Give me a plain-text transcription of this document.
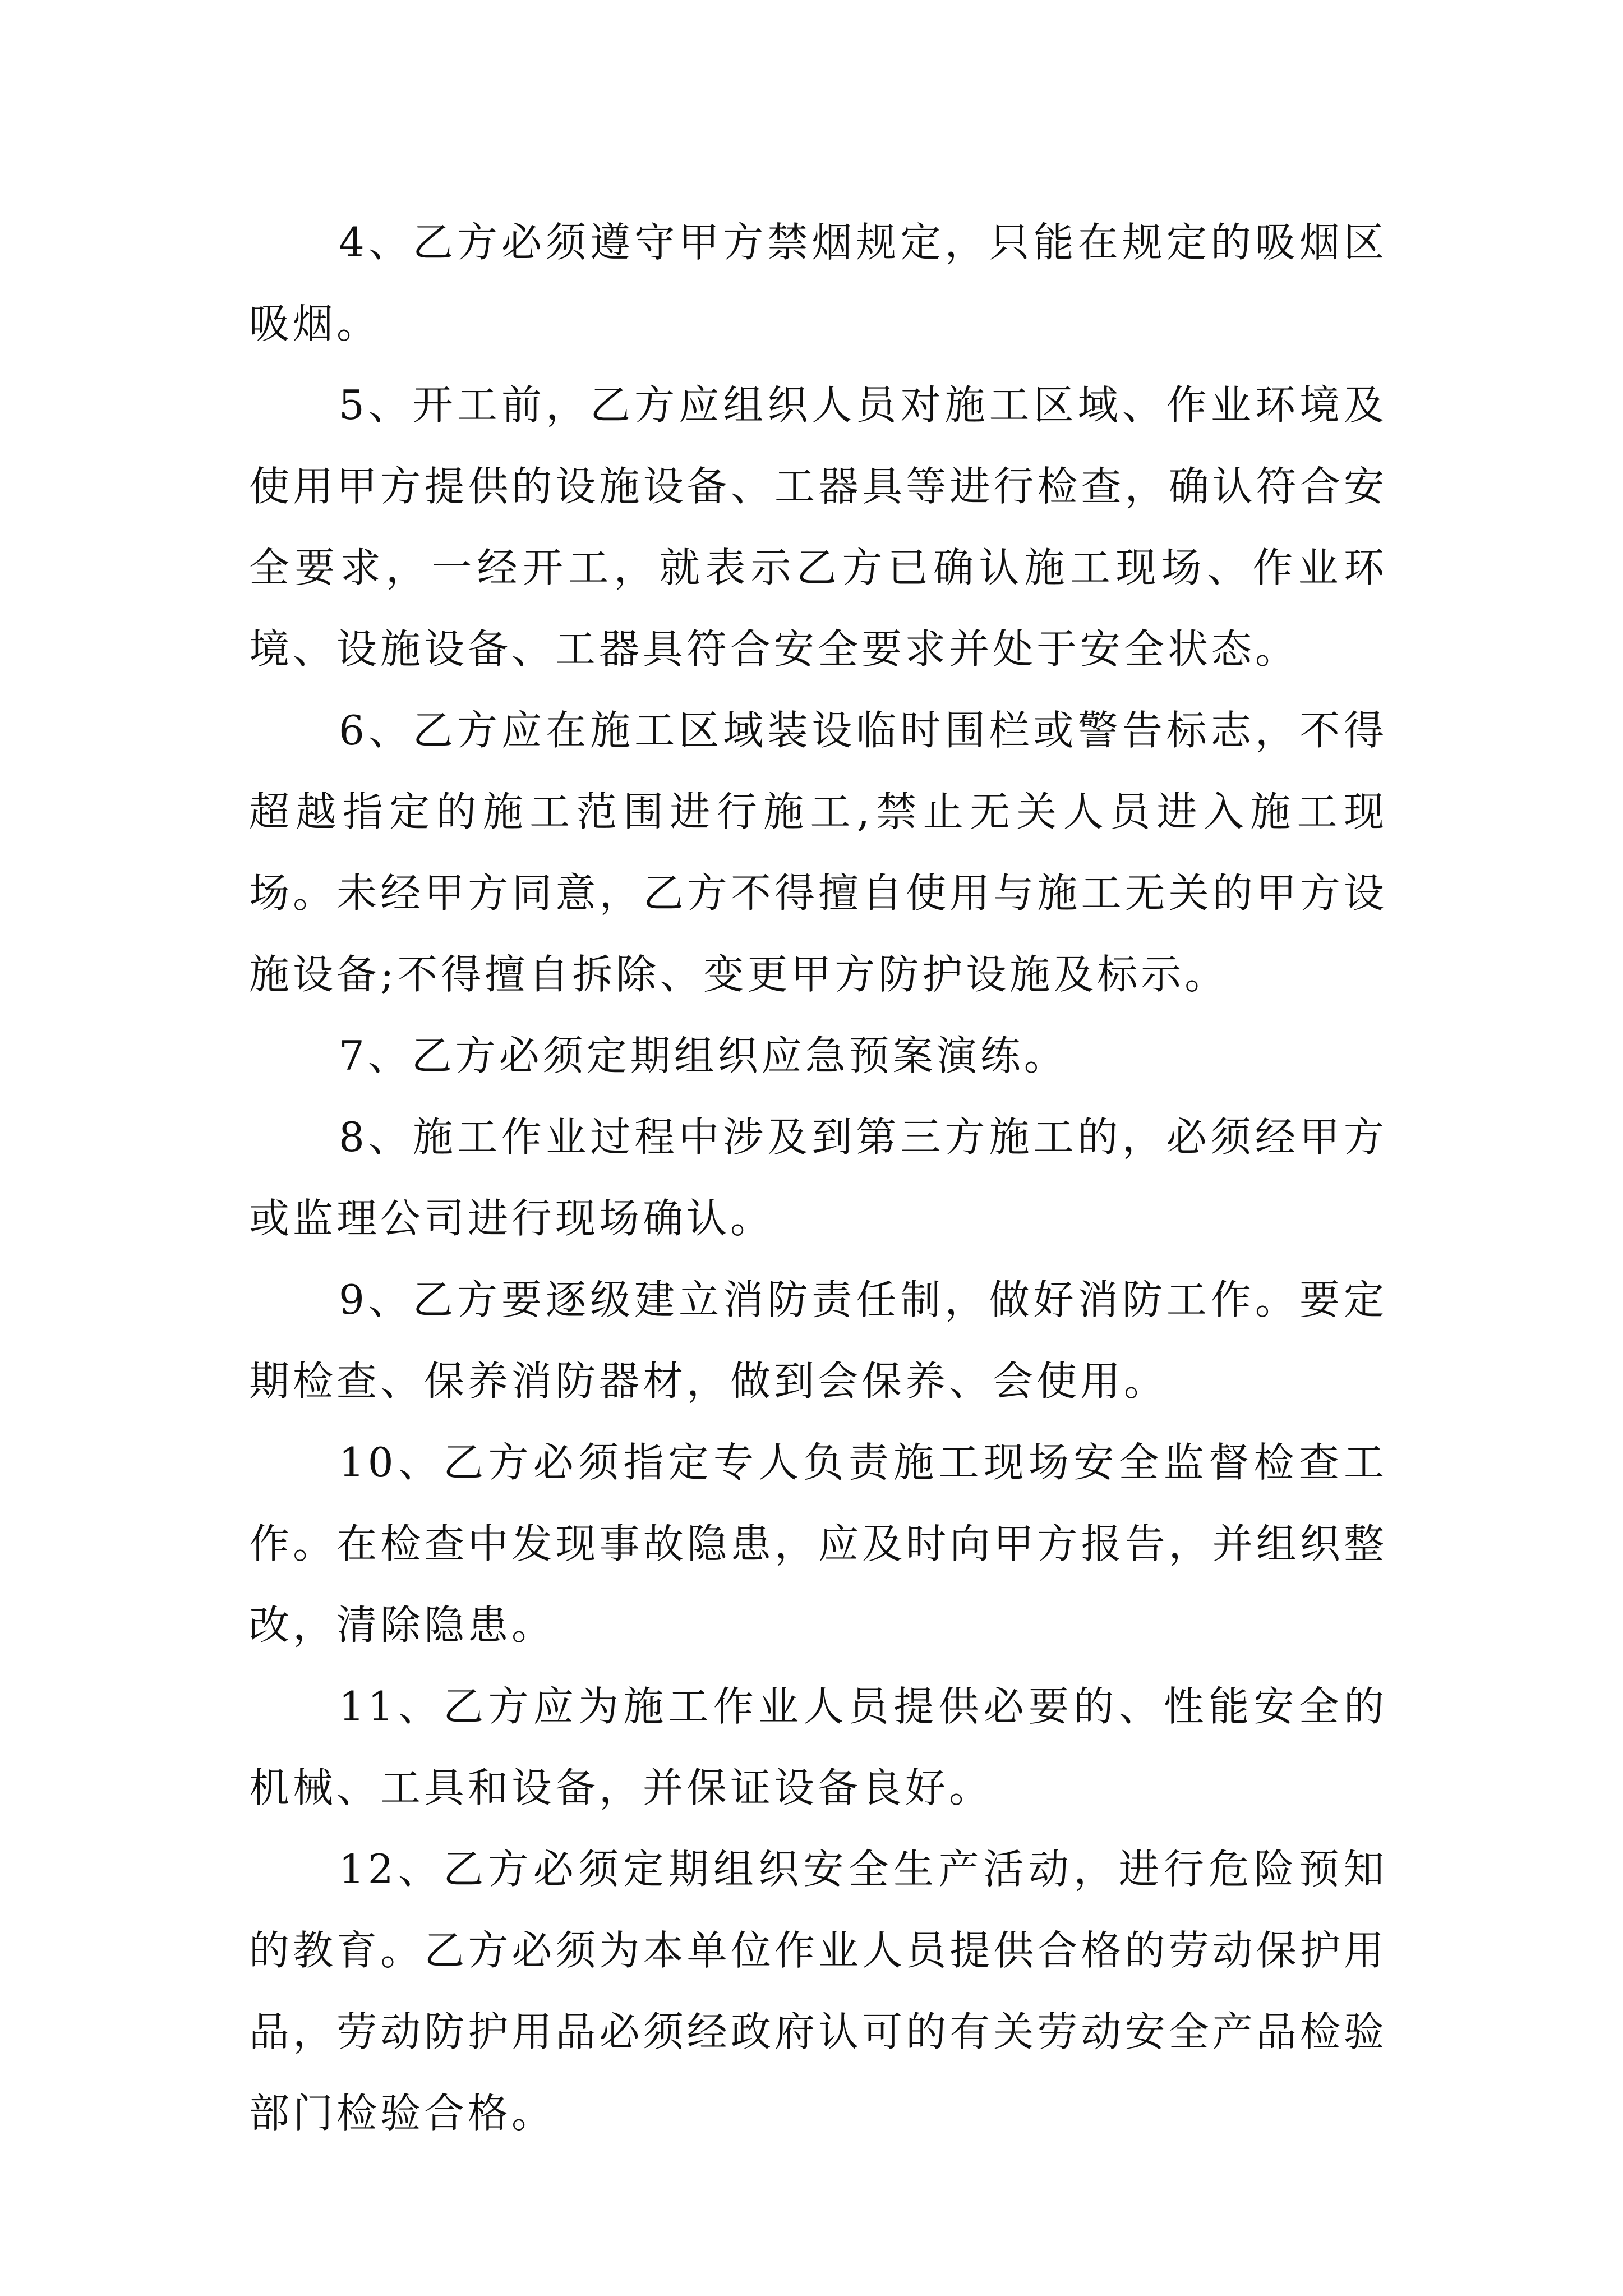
4、乙方必须遵守甲方禁烟规定，只能在规定的吸烟区吸烟。

5、开工前，乙方应组织人员对施工区域、作业环境及使用甲方提供的设施设备、工器具等进行检查，确认符合安全要求，一经开工，就表示乙方已确认施工现场、作业环境、设施设备、工器具符合安全要求并处于安全状态。

6、乙方应在施工区域装设临时围栏或警告标志，不得超越指定的施工范围进行施工,禁止无关人员进入施工现场。未经甲方同意，乙方不得擅自使用与施工无关的甲方设施设备;不得擅自拆除、变更甲方防护设施及标示。

7、乙方必须定期组织应急预案演练。

8、施工作业过程中涉及到第三方施工的，必须经甲方或监理公司进行现场确认。

9、乙方要逐级建立消防责任制，做好消防工作。要定期检查、保养消防器材，做到会保养、会使用。

10、乙方必须指定专人负责施工现场安全监督检查工作。在检查中发现事故隐患，应及时向甲方报告，并组织整改，清除隐患。

11、乙方应为施工作业人员提供必要的、性能安全的机械、工具和设备，并保证设备良好。

12、乙方必须定期组织安全生产活动，进行危险预知的教育。乙方必须为本单位作业人员提供合格的劳动保护用品，劳动防护用品必须经政府认可的有关劳动安全产品检验部门检验合格。
